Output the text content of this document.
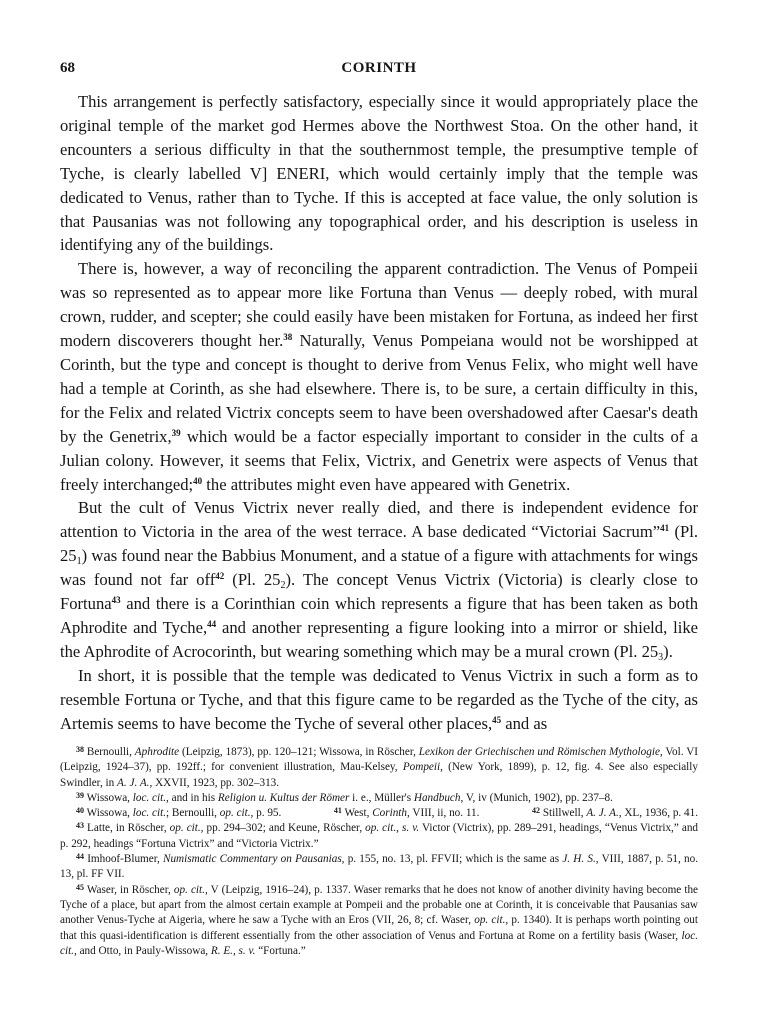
68	CORINTH

This arrangement is perfectly satisfactory, especially since it would appropriately place the original temple of the market god Hermes above the Northwest Stoa. On the other hand, it encounters a serious difficulty in that the southernmost temple, the presumptive temple of Tyche, is clearly labelled V] ENERI, which would certainly imply that the temple was dedicated to Venus, rather than to Tyche. If this is accepted at face value, the only solution is that Pausanias was not following any topographical order, and his description is useless in identifying any of the buildings.

There is, however, a way of reconciling the apparent contradiction. The Venus of Pompeii was so represented as to appear more like Fortuna than Venus — deeply robed, with mural crown, rudder, and scepter; she could easily have been mistaken for Fortuna, as indeed her first modern discoverers thought her.$^{38}$ Naturally, Venus Pompeiana would not be worshipped at Corinth, but the type and concept is thought to derive from Venus Felix, who might well have had a temple at Corinth, as she had elsewhere. There is, to be sure, a certain difficulty in this, for the Felix and related Victrix concepts seem to have been overshadowed after Caesar's death by the Genetrix,$^{39}$ which would be a factor especially important to consider in the cults of a Julian colony. However, it seems that Felix, Victrix, and Genetrix were aspects of Venus that freely interchanged;$^{40}$ the attributes might even have appeared with Genetrix.

But the cult of Venus Victrix never really died, and there is independent evidence for attention to Victoria in the area of the west terrace. A base dedicated “Victoriai Sacrum”$^{41}$ (Pl. $25_1$) was found near the Babbius Monument, and a statue of a figure with attachments for wings was found not far off$^{42}$ (Pl. $25_2$). The concept Venus Victrix (Victoria) is clearly close to Fortuna$^{43}$ and there is a Corinthian coin which represents a figure that has been taken as both Aphrodite and Tyche,$^{44}$ and another representing a figure looking into a mirror or shield, like the Aphrodite of Acrocorinth, but wearing something which may be a mural crown (Pl. $25_3$).

In short, it is possible that the temple was dedicated to Venus Victrix in such a form as to resemble Fortuna or Tyche, and that this figure came to be regarded as the Tyche of the city, as Artemis seems to have become the Tyche of several other places,$^{45}$ and as

$^{38}$ Bernoulli, Aphrodite (Leipzig, 1873), pp. 120–121; Wissowa, in Röscher, Lexikon der Griechischen und Römischen Mythologie, Vol. VI (Leipzig, 1924–37), pp. 192ff.; for convenient illustration, Mau-Kelsey, Pompeii, (New York, 1899), p. 12, fig. 4. See also especially Swindler, in A. J. A., XXVII, 1923, pp. 302–313.

$^{39}$ Wissowa, loc. cit., and in his Religion u. Kultus der Römer i. e., Müller's Handbuch, V, iv (Munich, 1902), pp. 237–8.

$^{40}$ Wissowa, loc. cit.; Bernoulli, op. cit., p. 95.	$^{41}$ West, Corinth, VIII, ii, no. 11.	$^{42}$ Stillwell, A. J. A., XL, 1936, p. 41.

$^{43}$ Latte, in Röscher, op. cit., pp. 294–302; and Keune, Röscher, op. cit., s. v. Victor (Victrix), pp. 289–291, headings, “Venus Victrix,” and p. 292, headings “Fortuna Victrix” and “Victoria Victrix.”

$^{44}$ Imhoof-Blumer, Numismatic Commentary on Pausanias, p. 155, no. 13, pl. FFVII; which is the same as J. H. S., VIII, 1887, p. 51, no. 13, pl. FF VII.

$^{45}$ Waser, in Röscher, op. cit., V (Leipzig, 1916–24), p. 1337. Waser remarks that he does not know of another divinity having become the Tyche of a place, but apart from the almost certain example at Pompeii and the probable one at Corinth, it is conceivable that Pausanias saw another Venus-Tyche at Aigeria, where he saw a Tyche with an Eros (VII, 26, 8; cf. Waser, op. cit., p. 1340). It is perhaps worth pointing out that this quasi-identification is different essentially from the other association of Venus and Fortuna at Rome on a fertility basis (Waser, loc. cit., and Otto, in Pauly-Wissowa, R. E., s. v. “Fortuna.”
